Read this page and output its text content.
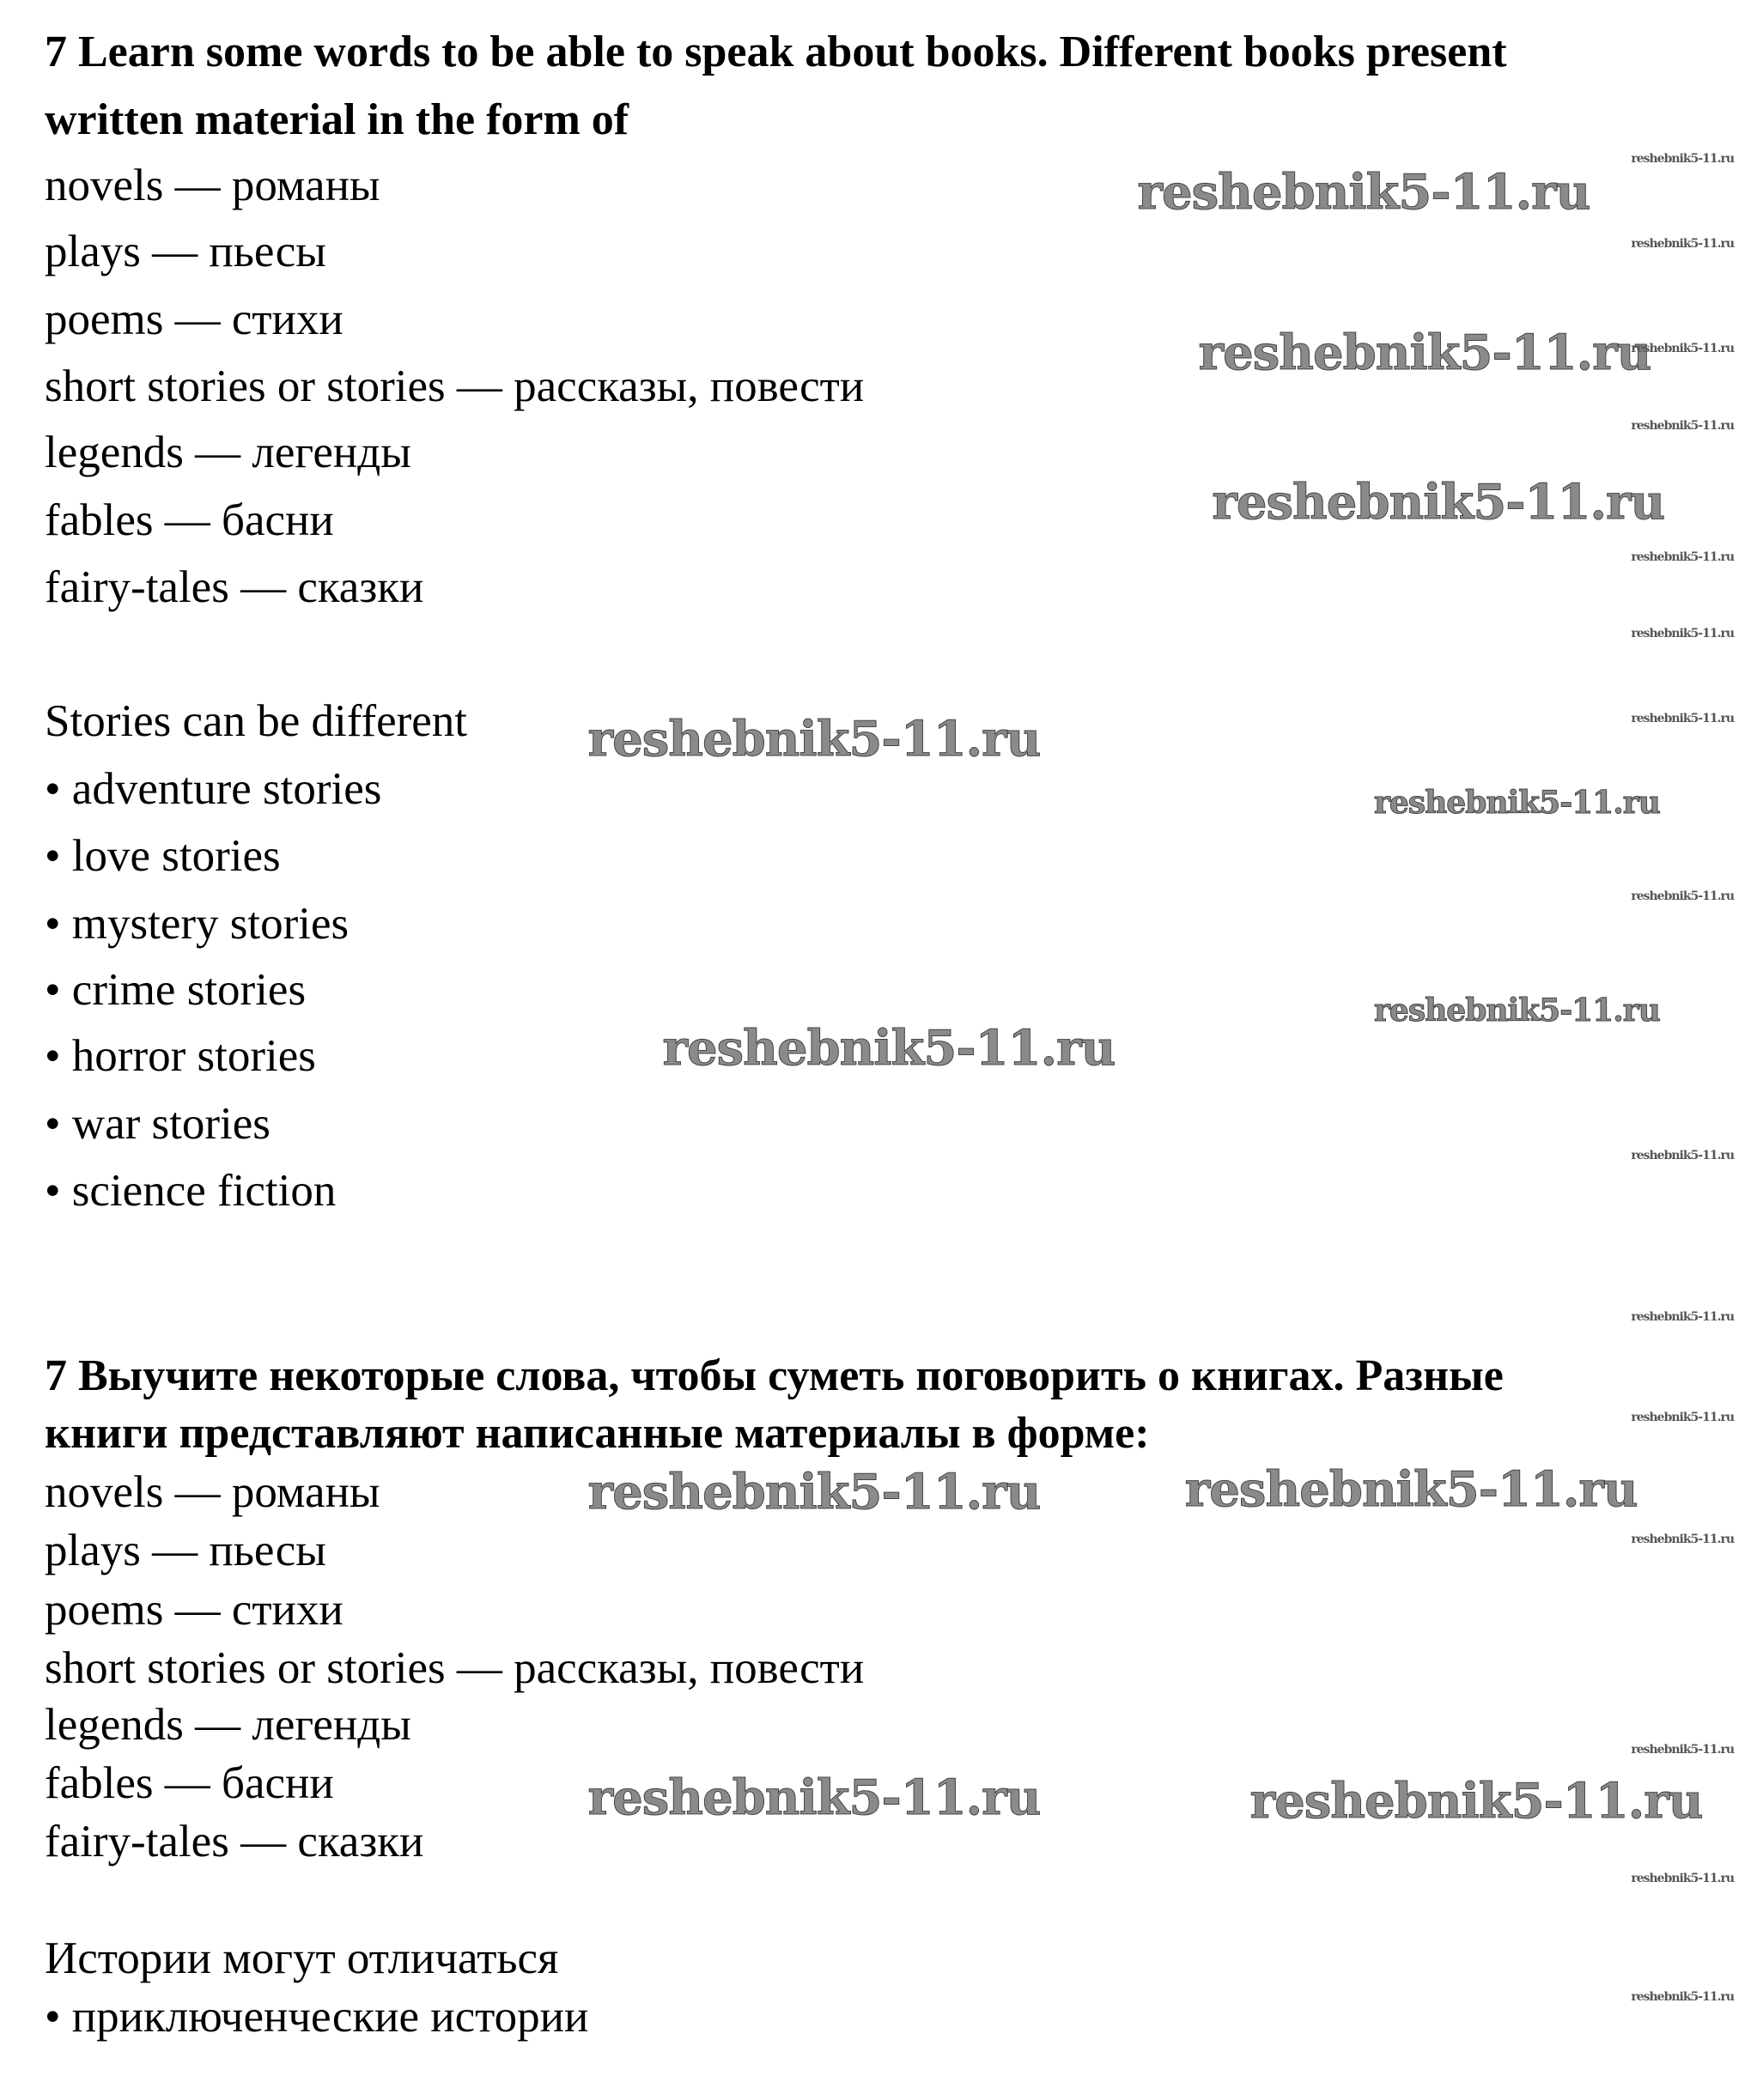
7 Learn some words to be able to speak about books. Different books present
written material in the form of
novels — романы
plays — пьесы
poems — стихи
short stories or stories — рассказы, повести
legends — легенды
fables — басни
fairy-tales — сказки
Stories can be different
• adventure stories
• love stories
• mystery stories
• crime stories
• horror stories
• war stories
• science fiction
7 Выучите некоторые слова, чтобы суметь поговорить о книгах. Разные
книги представляют написанные материалы в форме:
novels — романы
plays — пьесы
poems — стихи
short stories or stories — рассказы, повести
legends — легенды
fables — басни
fairy-tales — сказки
Истории могут отличаться
• приключенческие истории
reshebnik5-11.ru
reshebnik5-11.ru
reshebnik5-11.ru
reshebnik5-11.ru
reshebnik5-11.ru
reshebnik5-11.ru
reshebnik5-11.ru
reshebnik5-11.ru	reshebnik5-11.ru
reshebnik5-11.ru	reshebnik5-11.ru
reshebnik5-11.ru
reshebnik5-11.ru
reshebnik5-11.ru
reshebnik5-11.ru
reshebnik5-11.ru
reshebnik5-11.ru
reshebnik5-11.ru
reshebnik5-11.ru
reshebnik5-11.ru
reshebnik5-11.ru
reshebnik5-11.ru
reshebnik5-11.ru
reshebnik5-11.ru
reshebnik5-11.ru
reshebnik5-11.ru
